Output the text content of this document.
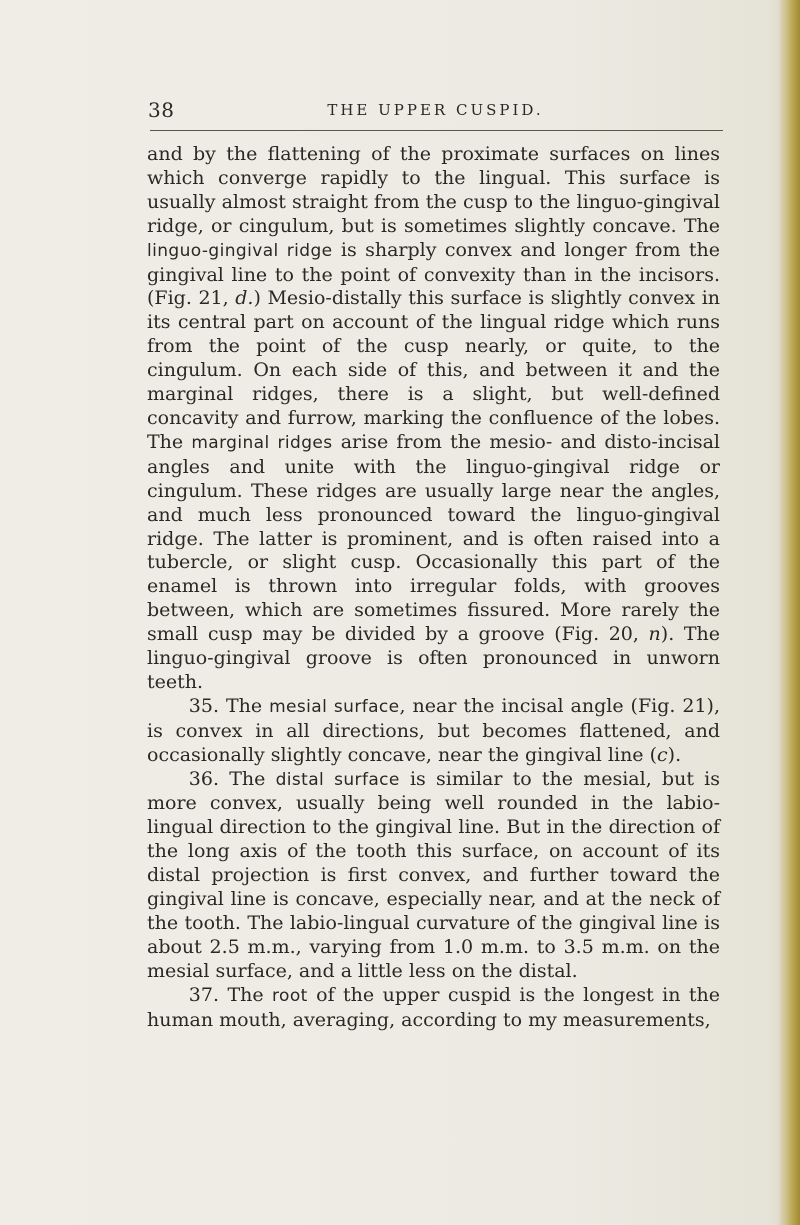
38	THE UPPER CUSPID.

and by the flattening of the proximate surfaces on lines which converge rapidly to the lingual. This surface is usually almost straight from the cusp to the linguo-gingival ridge, or cingulum, but is sometimes slightly concave. The linguo-gingival ridge is sharply convex and longer from the gingival line to the point of convexity than in the incisors. (Fig. 21, d.) Mesio-distally this surface is slightly convex in its central part on account of the lingual ridge which runs from the point of the cusp nearly, or quite, to the cingulum. On each side of this, and between it and the marginal ridges, there is a slight, but well-defined concavity and furrow, marking the confluence of the lobes. The marginal ridges arise from the mesio- and disto-incisal angles and unite with the linguo-gingival ridge or cingulum. These ridges are usually large near the angles, and much less pronounced toward the linguo-gingival ridge. The latter is prominent, and is often raised into a tubercle, or slight cusp. Occasionally this part of the enamel is thrown into irregular folds, with grooves between, which are sometimes fissured. More rarely the small cusp may be divided by a groove (Fig. 20, n). The linguo-gingival groove is often pronounced in unworn teeth.

35. The mesial surface, near the incisal angle (Fig. 21), is convex in all directions, but becomes flattened, and occasionally slightly concave, near the gingival line (c).

36. The distal surface is similar to the mesial, but is more convex, usually being well rounded in the labio-lingual direction to the gingival line. But in the direction of the long axis of the tooth this surface, on account of its distal projection is first convex, and further toward the gingival line is concave, especially near, and at the neck of the tooth. The labio-lingual curvature of the gingival line is about 2.5 m.m., varying from 1.0 m.m. to 3.5 m.m. on the mesial surface, and a little less on the distal.

37. The root of the upper cuspid is the longest in the human mouth, averaging, according to my measurements,
